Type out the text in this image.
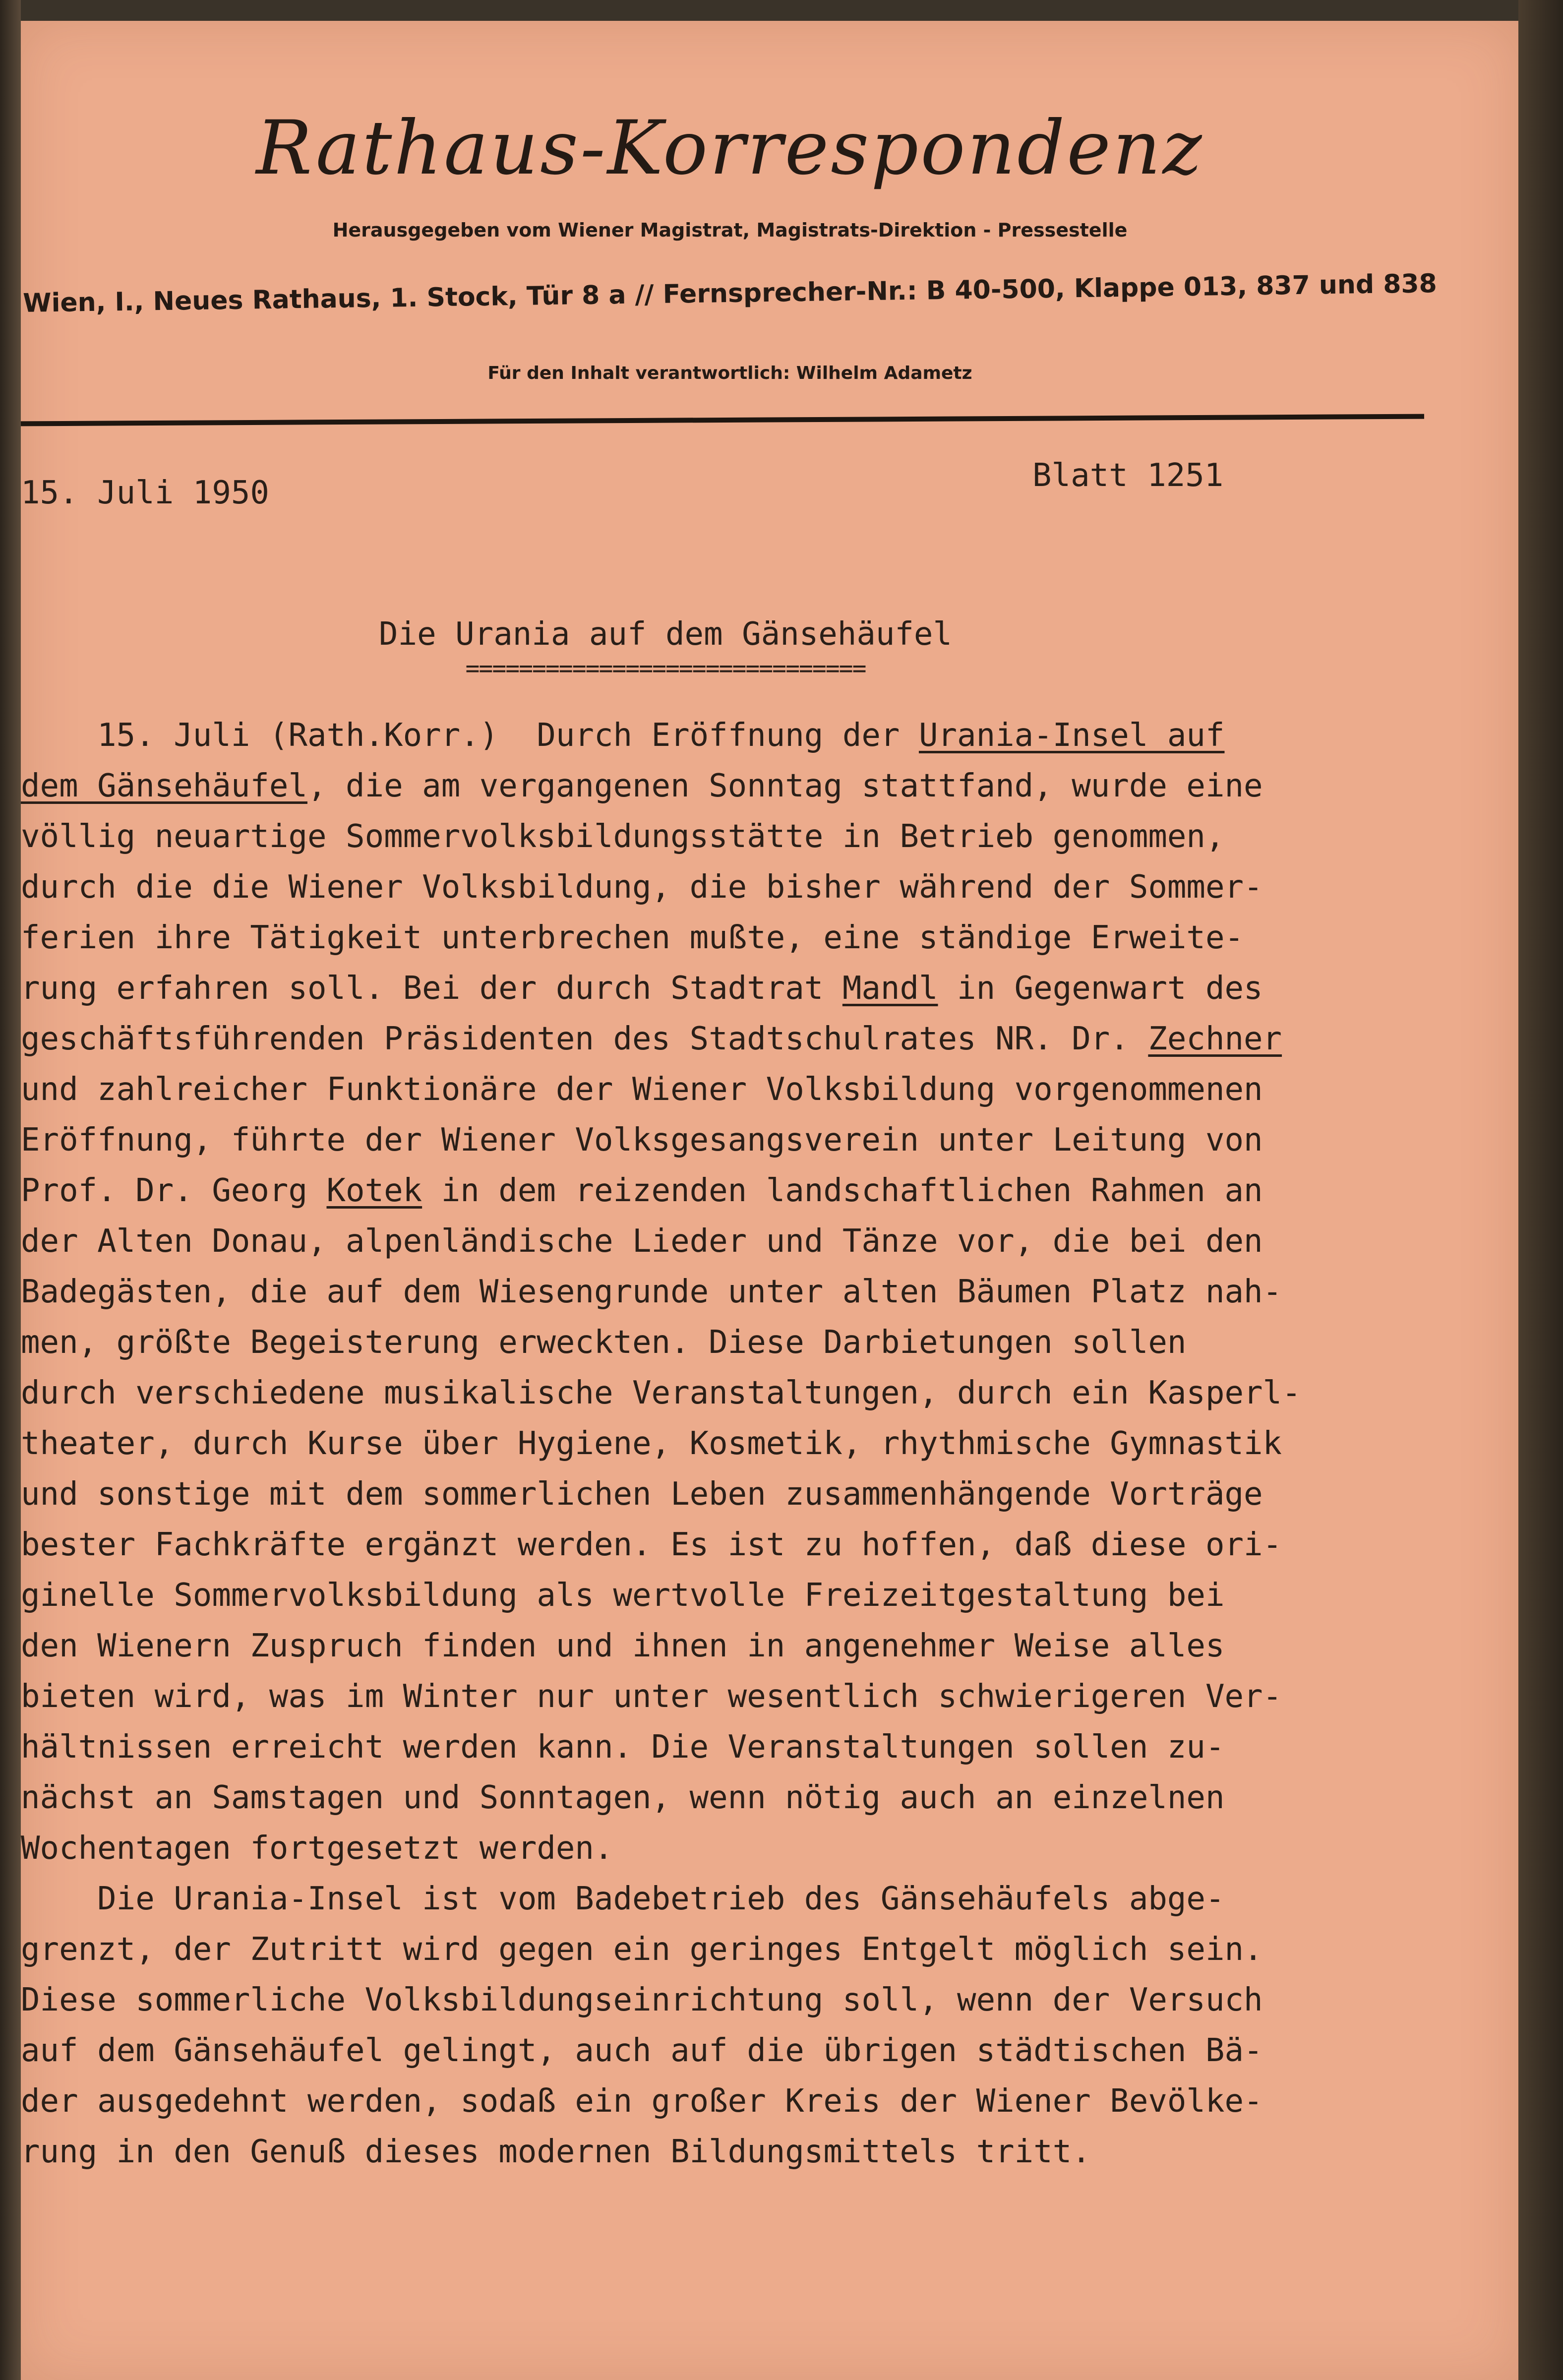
Rathaus-Korrespondenz
Herausgegeben vom Wiener Magistrat, Magistrats-Direktion - Pressestelle
Wien, I., Neues Rathaus, 1. Stock, Tür 8 a // Fernsprecher-Nr.: B 40-500, Klappe 013, 837 und 838
Für den Inhalt verantwortlich: Wilhelm Adametz
15. Juli 1950	Blatt 1251
Die Urania auf dem Gänsehäufel
==============================
15. Juli (Rath.Korr.)  Durch Eröffnung der Urania-Insel auf
dem Gänsehäufel, die am vergangenen Sonntag stattfand, wurde eine
völlig neuartige Sommervolksbildungsstätte in Betrieb genommen,
durch die die Wiener Volksbildung, die bisher während der Sommer-
ferien ihre Tätigkeit unterbrechen mußte, eine ständige Erweite-
rung erfahren soll. Bei der durch Stadtrat Mandl in Gegenwart des
geschäftsführenden Präsidenten des Stadtschulrates NR. Dr. Zechner
und zahlreicher Funktionäre der Wiener Volksbildung vorgenommenen
Eröffnung, führte der Wiener Volksgesangsverein unter Leitung von
Prof. Dr. Georg Kotek in dem reizenden landschaftlichen Rahmen an
der Alten Donau, alpenländische Lieder und Tänze vor, die bei den
Badegästen, die auf dem Wiesengrunde unter alten Bäumen Platz nah-
men, größte Begeisterung erweckten. Diese Darbietungen sollen
durch verschiedene musikalische Veranstaltungen, durch ein Kasperl-
theater, durch Kurse über Hygiene, Kosmetik, rhythmische Gymnastik
und sonstige mit dem sommerlichen Leben zusammenhängende Vorträge
bester Fachkräfte ergänzt werden. Es ist zu hoffen, daß diese ori-
ginelle Sommervolksbildung als wertvolle Freizeitgestaltung bei
den Wienern Zuspruch finden und ihnen in angenehmer Weise alles
bieten wird, was im Winter nur unter wesentlich schwierigeren Ver-
hältnissen erreicht werden kann. Die Veranstaltungen sollen zu-
nächst an Samstagen und Sonntagen, wenn nötig auch an einzelnen
Wochentagen fortgesetzt werden.
Die Urania-Insel ist vom Badebetrieb des Gänsehäufels abge-
grenzt, der Zutritt wird gegen ein geringes Entgelt möglich sein.
Diese sommerliche Volksbildungseinrichtung soll, wenn der Versuch
auf dem Gänsehäufel gelingt, auch auf die übrigen städtischen Bä-
der ausgedehnt werden, sodaß ein großer Kreis der Wiener Bevölke-
rung in den Genuß dieses modernen Bildungsmittels tritt.
